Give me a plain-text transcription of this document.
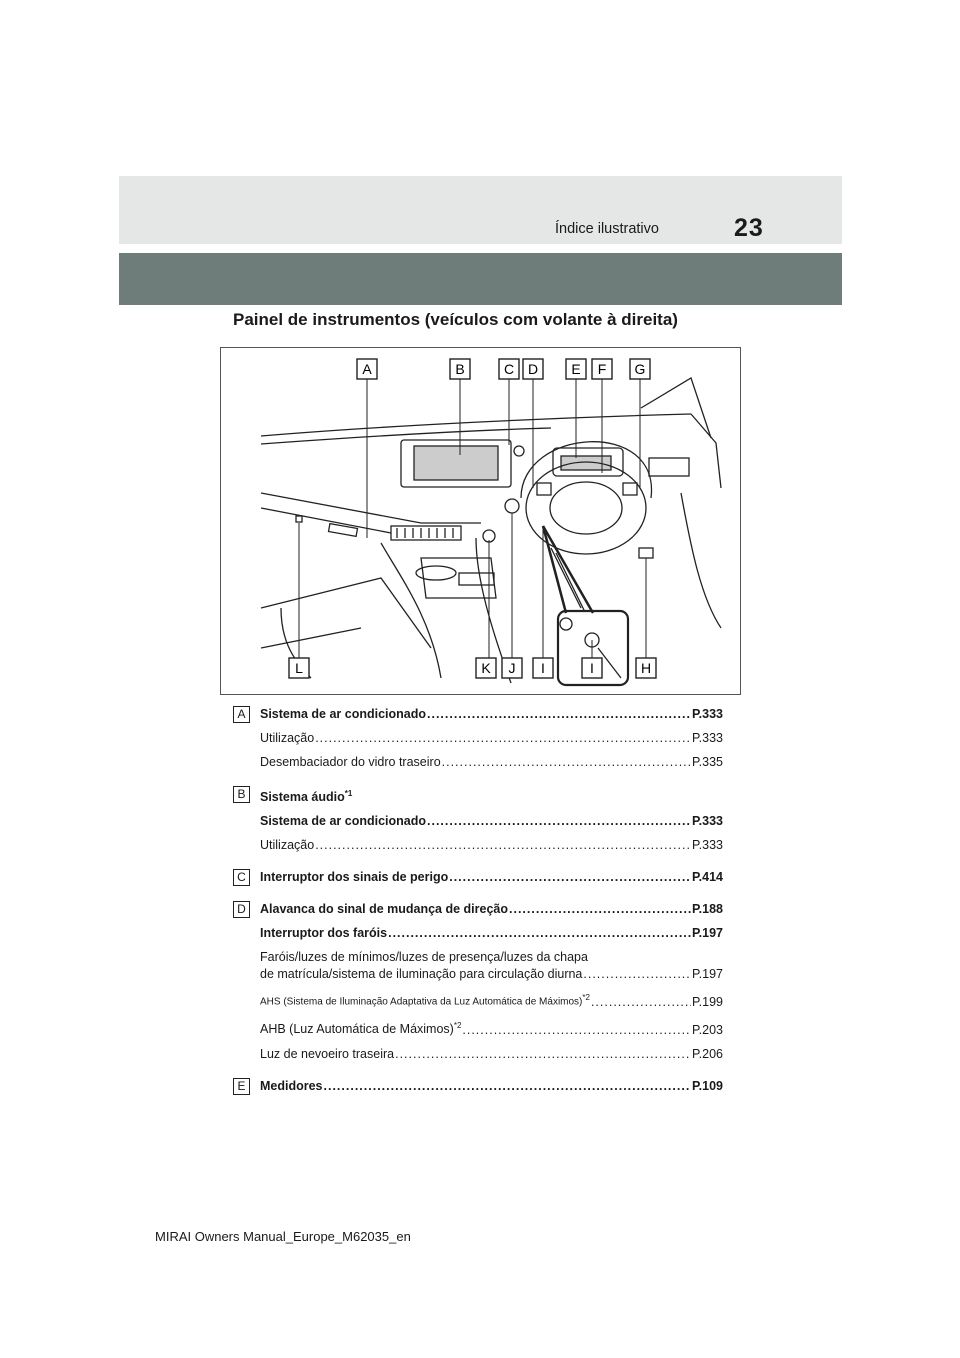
Índice ilustrativo	23
Painel de instrumentos (veículos com volante à direita)
A	B	C D E F G
L	K J I	I	H
A	Sistema de ar condicionado .....	P.333
Utilização .....	P.333
Desembaciador do vidro traseiro .....	P.335
B	Sistema áudio$^{*1}$
Sistema de ar condicionado .....	P.333
Utilização .....	P.333
C	Interruptor dos sinais de perigo .....	P.414
D	Alavanca do sinal de mudança de direção .....	P.188
Interruptor dos faróis .....	P.197
Faróis/luzes de mínimos/luzes de presença/luzes da chapa
de matrícula/sistema de iluminação para circulação diurna .....	P.197
AHS (Sistema de Iluminação Adaptativa da Luz Automática de Máximos)$^{*2}$ .....	P.199
AHB (Luz Automática de Máximos)$^{*2}$ .....	P.203
Luz de nevoeiro traseira .....	P.206
E	Medidores .....	P.109
MIRAI Owners Manual_Europe_M62035_en
